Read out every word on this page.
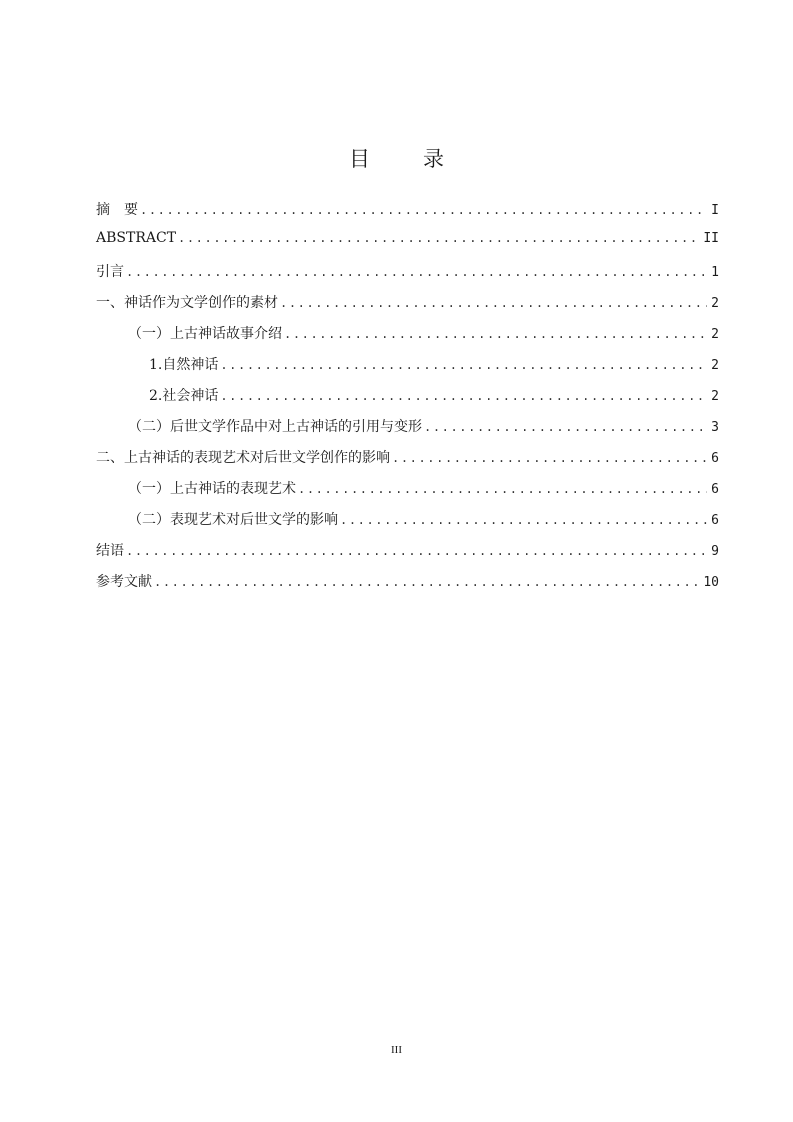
目　录
摘　要 .....	I
ABSTRACT .....	II
引言 .....	1
一、神话作为文学创作的素材 .....	2
（一）上古神话故事介绍 .....	2
1.自然神话 .....	2
2.社会神话 .....	2
（二）后世文学作品中对上古神话的引用与变形 .....	3
二、上古神话的表现艺术对后世文学创作的影响 .....	6
（一）上古神话的表现艺术 .....	6
（二）表现艺术对后世文学的影响 .....	6
结语 .....	9
参考文献 .....	10

III
